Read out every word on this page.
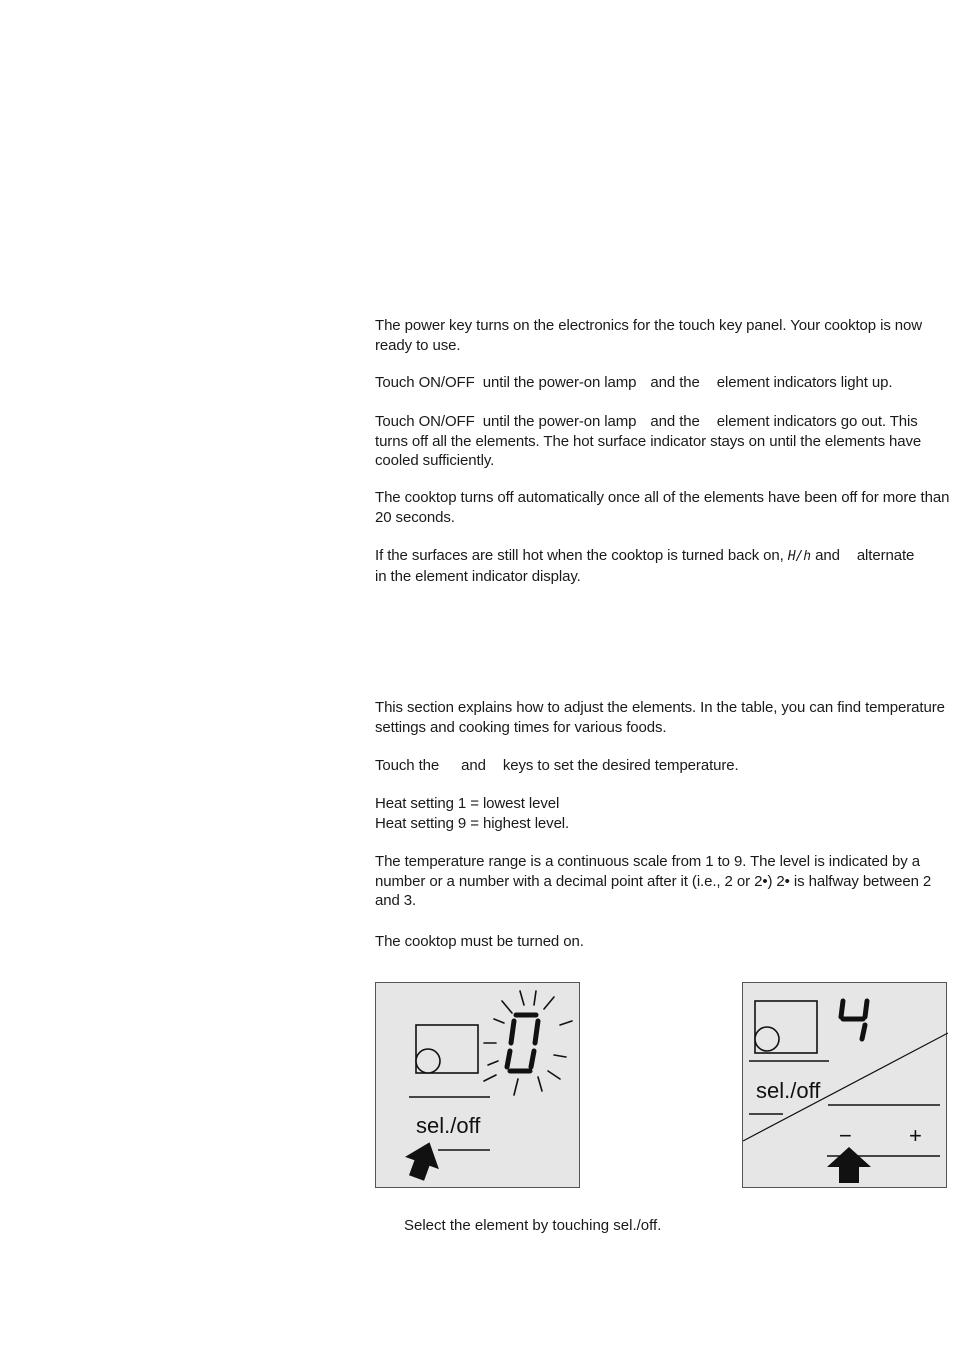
The power key turns on the electronics for the touch key panel. Your cooktop is now ready to use.

Touch ON/OFF  until the power-on lamp and the element indicators light up.

Touch ON/OFF  until the power-on lamp and the element indicators go out. This
turns off all the elements. The hot surface indicator stays on until the elements have cooled sufficiently.

The cooktop turns off automatically once all of the elements have been off for more than 20 seconds.

If the surfaces are still hot when the cooktop is turned back on, H/h and alternate
in the element indicator display.

This section explains how to adjust the elements. In the table, you can find temperature settings and cooking times for various foods.

Touch the and keys to set the desired temperature.

Heat setting 1 = lowest level
Heat setting 9 = highest level.

The temperature range is a continuous scale from 1 to 9. The level is indicated by a number or a number with a decimal point after it (i.e., 2 or 2•) 2• is halfway between 2 and 3.

The cooktop must be turned on.

sel./off
sel./off
−	+
Select the element by touching sel./off.
